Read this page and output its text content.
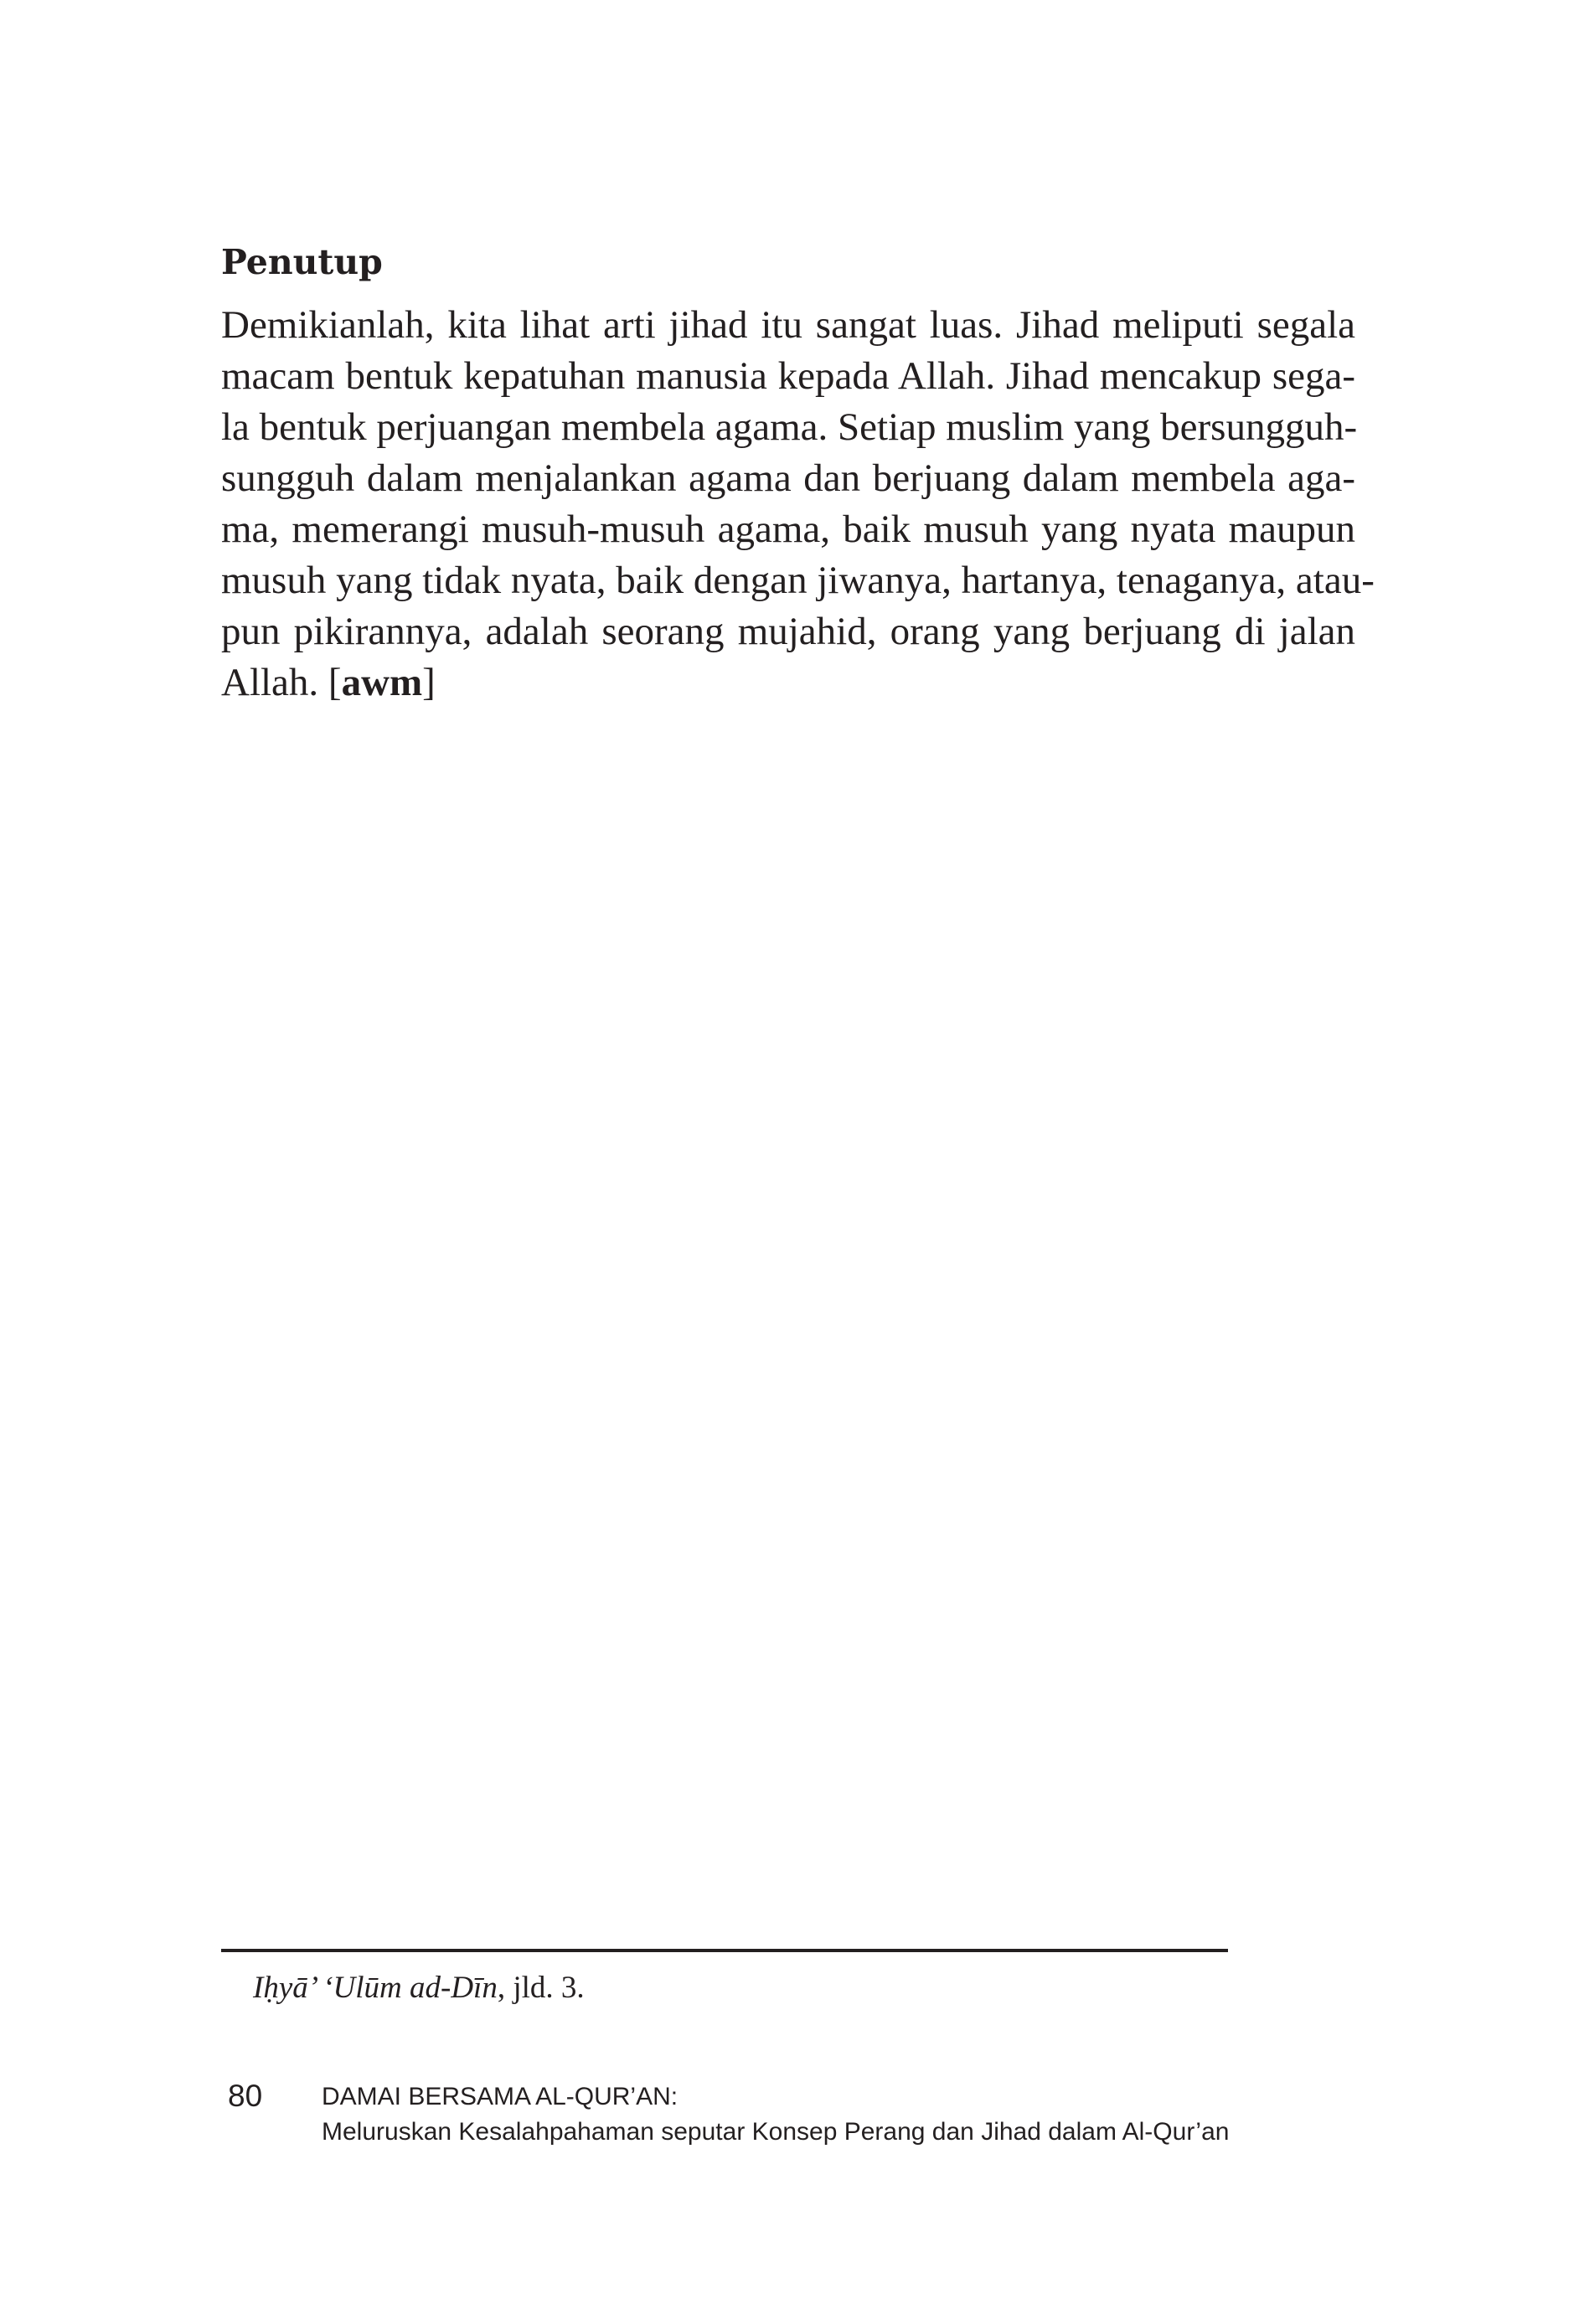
Penutup
Demikianlah, kita lihat arti jihad itu sangat luas. Jihad meliputi segala
macam bentuk kepatuhan manusia kepada Allah. Jihad mencakup sega-
la bentuk perjuangan membela agama. Setiap muslim yang bersungguh-
sungguh dalam menjalankan agama dan berjuang dalam membela aga-
ma, memerangi musuh-musuh agama, baik musuh yang nyata maupun
musuh yang tidak nyata, baik dengan jiwanya, hartanya, tenaganya, atau-
pun pikirannya, adalah seorang mujahid, orang yang berjuang di jalan
Allah. [awm]

Iḥyā’ ‘Ulūm ad-Dīn, jld. 3.

80 DAMAI BERSAMA AL-QUR’AN:
Meluruskan Kesalahpahaman seputar Konsep Perang dan Jihad dalam Al-Qur’an
